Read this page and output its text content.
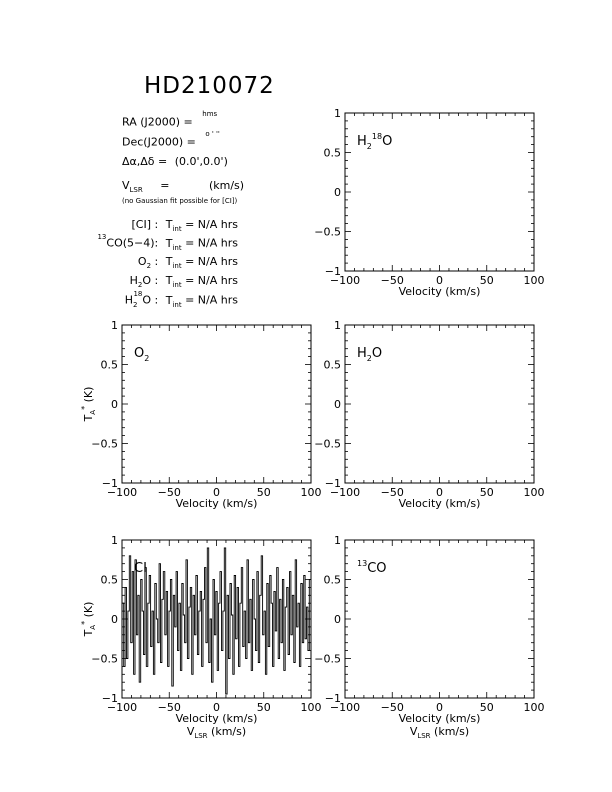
HD210072
RA (J2000) = $^{hms}$
Dec(J2000) = $^{o ' ''}$
Δα,Δδ = (0.0',0.0')
$V_{LSR}$ =	(km/s)
(no Gaussian fit possible for [CI])
[CI] : $T_{int} = N/A$ hrs
$^{13}$CO(5−4): $T_{int} = N/A$ hrs
$O_2$ : $T_{int} = N/A$ hrs
$H_2O$ : $T_{int} = N/A$ hrs
$H_2^{18}O$ : $T_{int} = N/A$ hrs
−100 −50	0	50	100
−1
−0.5
0
0.5
1
Velocity (km/s)
$H_2^{18}O$
−100 −50	0	50	100
−1
−0.5
0
0.5
1
Velocity (km/s)
$T_A^*$ (K)
$O_2$
−100 −50	0	50	100
−1
−0.5
0
0.5
1
Velocity (km/s)
$H_2O$
−100 −50	0	50	100
−1
−0.5
0
0.5
1
Velocity (km/s)
$V_{LSR}$ (km/s)
$T_A^*$ (K)
CI
−100 −50	0	50	100
−1
−0.5
0
0.5
1
Velocity (km/s)
$V_{LSR}$ (km/s)
$^{13}$CO
